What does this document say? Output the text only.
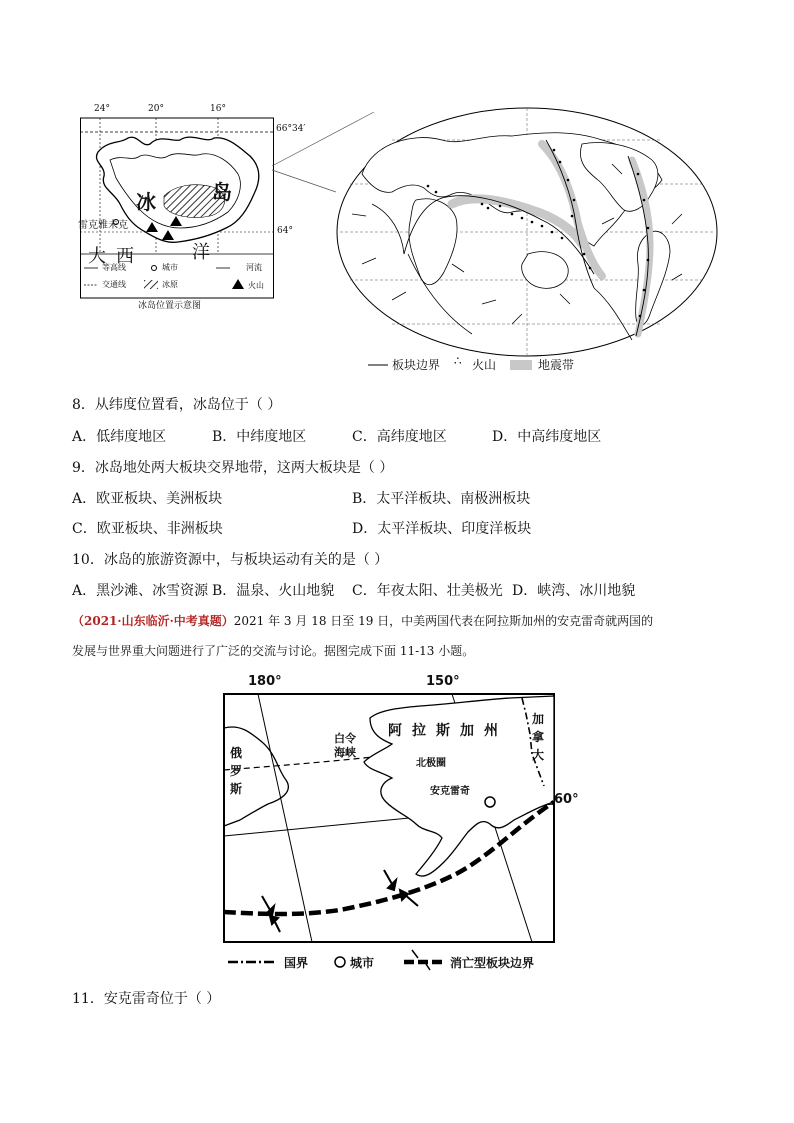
24°	20°	16°
66°34′
64°
冰	岛
大 西	洋
雷克雅未克
等高线	城市	河流
交通线	冰原	火山
冰岛位置示意图
板块边界 ∴ 火山	地震带
8．从纬度位置看，冰岛位于（ ）
A．低纬度地区	B．中纬度地区	C．高纬度地区	D．中高纬度地区
9．冰岛地处两大板块交界地带，这两大板块是（ ）
A．欧亚板块、美洲板块	B．太平洋板块、南极洲板块
C．欧亚板块、非洲板块	D．太平洋板块、印度洋板块
10．冰岛的旅游资源中，与板块运动有关的是（ ）
A．黑沙滩、冰雪资源 B．温泉、火山地貌 C．年夜太阳、壮美极光 D．峡湾、冰川地貌
（2021·山东临沂·中考真题）2021 年 3 月 18 日至 19 日，中美两国代表在阿拉斯加州的安克雷奇就两国的
发展与世界重大问题进行了广泛的交流与讨论。据图完成下面 11-13 小题。
180°	150°
60°
阿拉斯加州
加拿大
俄罗斯
白令海峡
北极圈
安克雷奇
国界	城市	消亡型板块边界
11．安克雷奇位于（ ）
